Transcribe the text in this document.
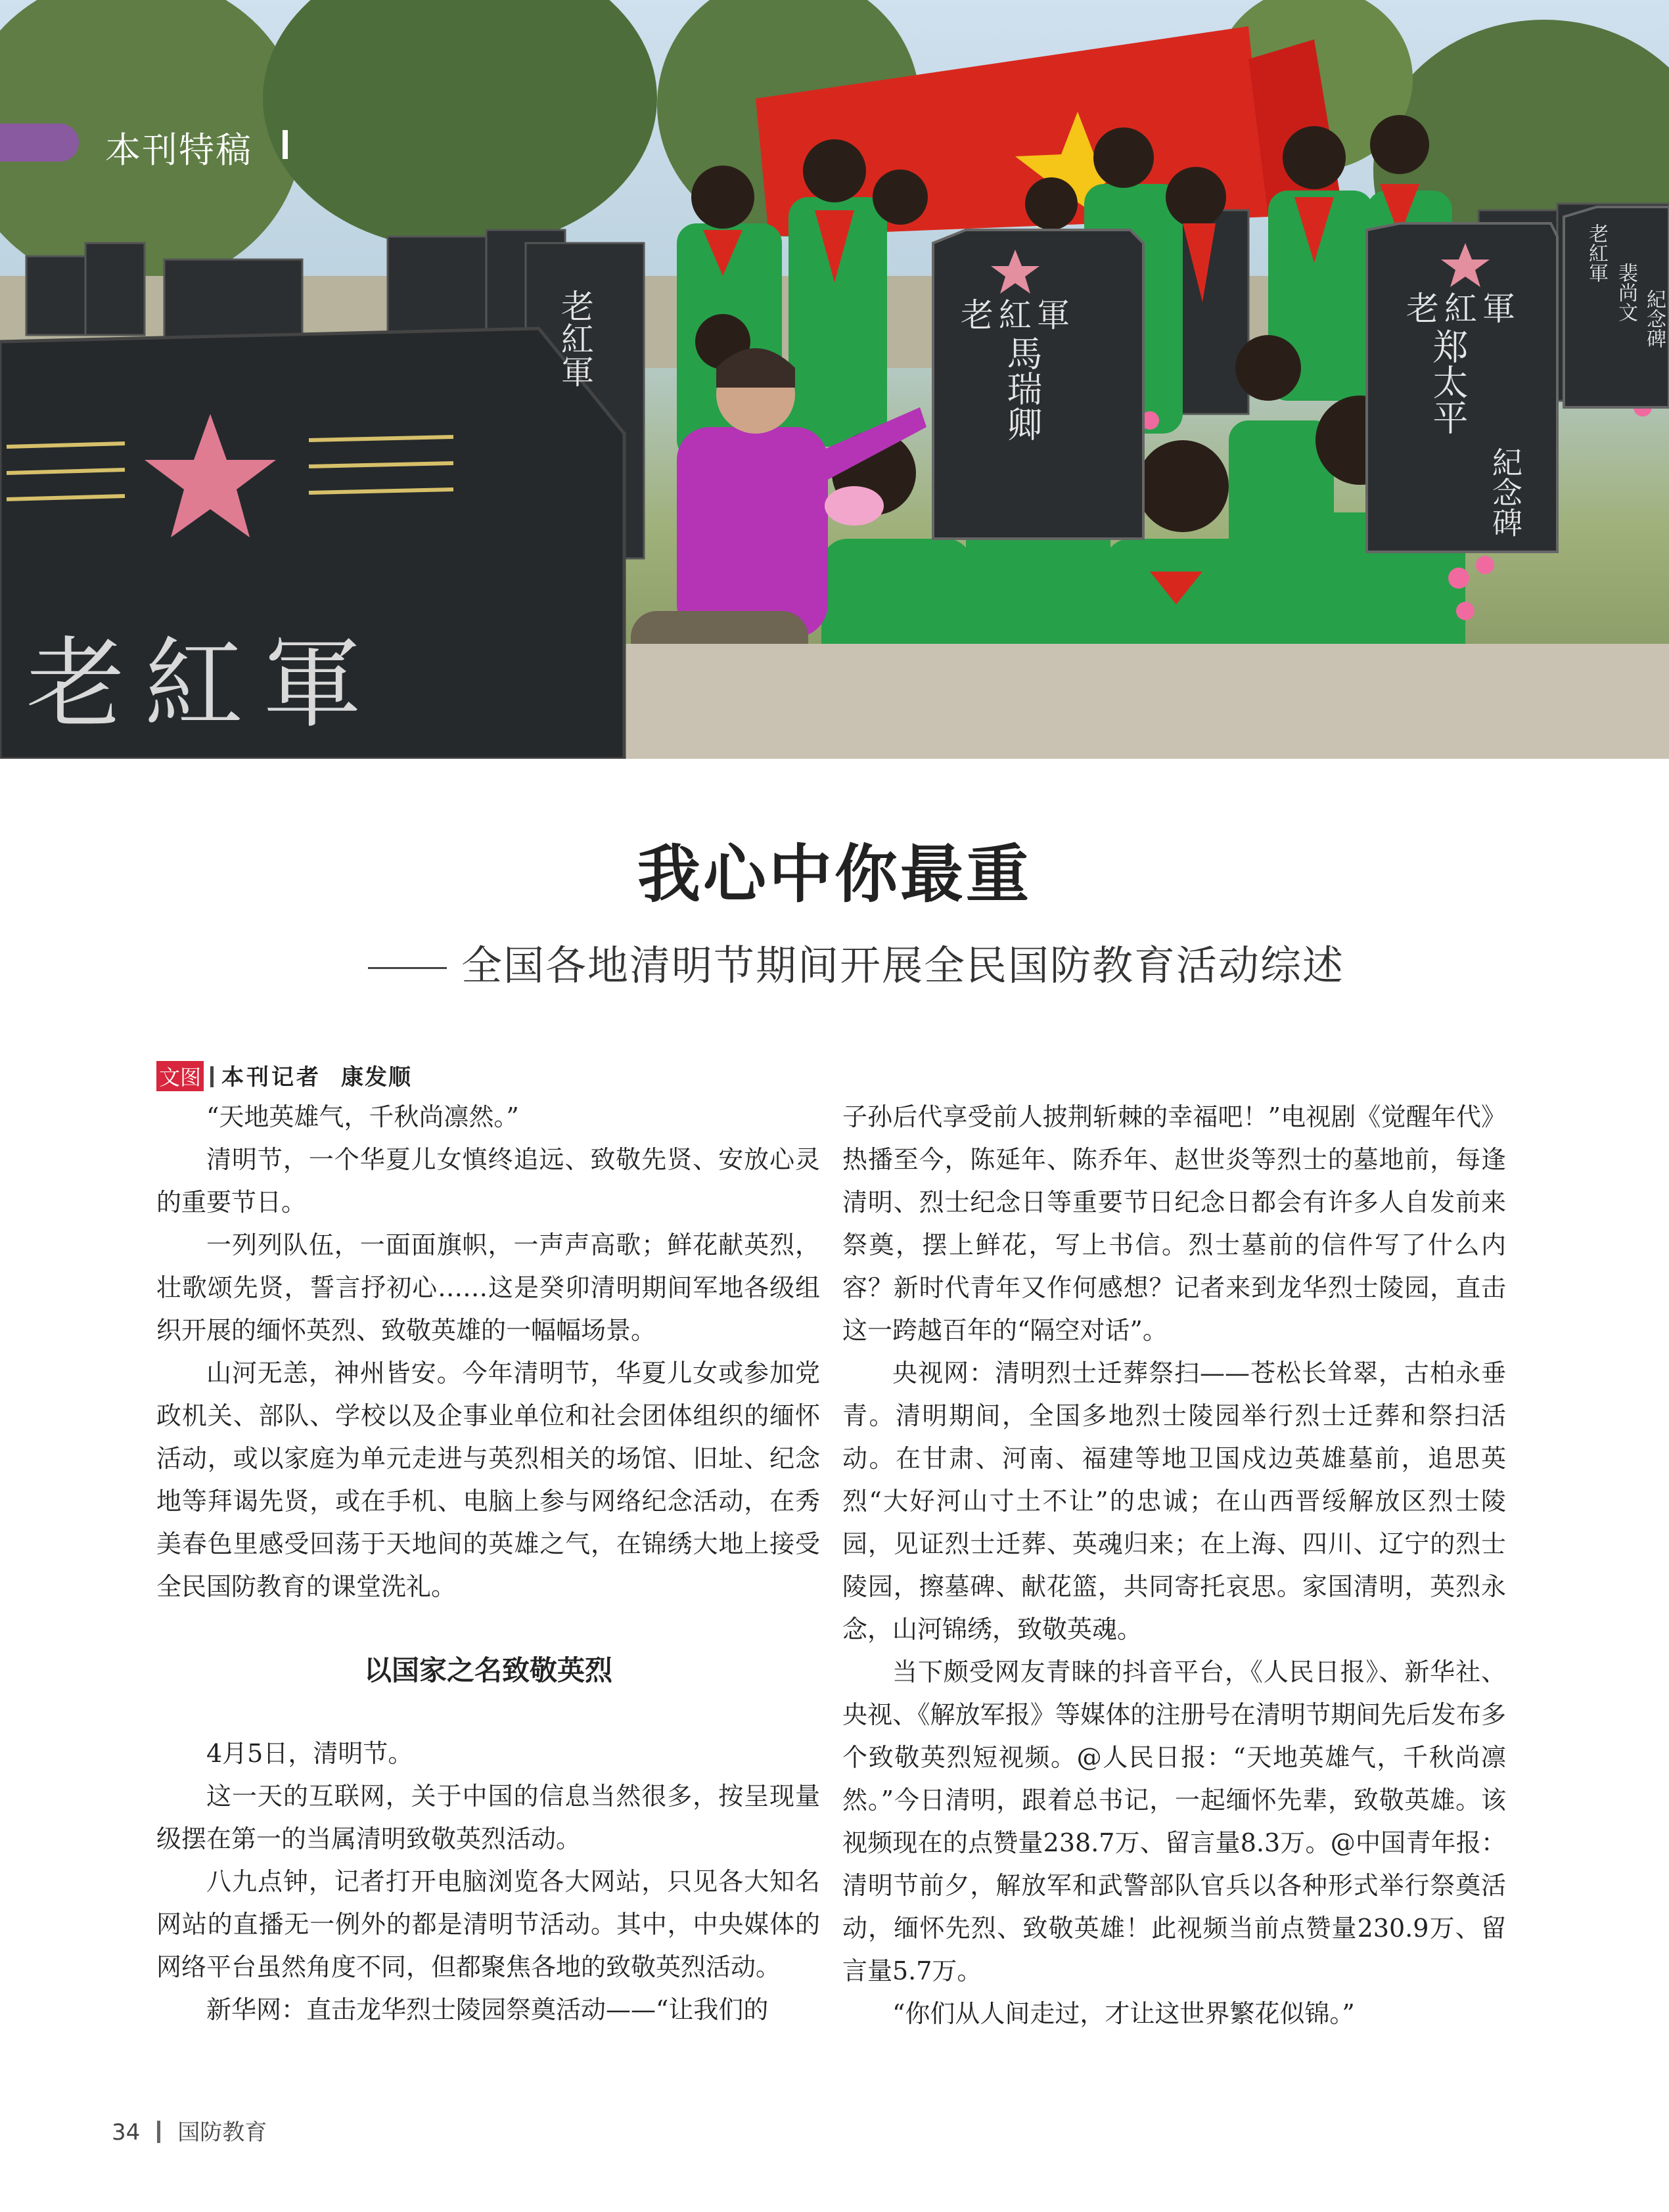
老紅軍
老紅軍	老紅軍
馬瑞卿
老紅軍
郑太平
紀念碑
老紅軍
裴尚文 紀念碑
本刊特稿
我心中你最重
全国各地清明节期间开展全民国防教育活动综述
文图 本刊记者 康发顺

“天地英雄气，千秋尚凛然。”

清明节，一个华夏儿女慎终追远、致敬先贤、安放心灵的重要节日。

一列列队伍，一面面旗帜，一声声高歌；鲜花献英烈，壮歌颂先贤，誓言抒初心……这是癸卯清明期间军地各级组织开展的缅怀英烈、致敬英雄的一幅幅场景。

山河无恙，神州皆安。今年清明节，华夏儿女或参加党政机关、部队、学校以及企事业单位和社会团体组织的缅怀活动，或以家庭为单元走进与英烈相关的场馆、旧址、纪念地等拜谒先贤，或在手机、电脑上参与网络纪念活动，在秀美春色里感受回荡于天地间的英雄之气，在锦绣大地上接受全民国防教育的课堂洗礼。

以国家之名致敬英烈

4月5日，清明节。

这一天的互联网，关于中国的信息当然很多，按呈现量级摆在第一的当属清明致敬英烈活动。

八九点钟，记者打开电脑浏览各大网站，只见各大知名网站的直播无一例外的都是清明节活动。其中，中央媒体的网络平台虽然角度不同，但都聚焦各地的致敬英烈活动。

新华网：直击龙华烈士陵园祭奠活动——“让我们的

子孙后代享受前人披荆斩棘的幸福吧！”电视剧《觉醒年代》热播至今，陈延年、陈乔年、赵世炎等烈士的墓地前，每逢清明、烈士纪念日等重要节日纪念日都会有许多人自发前来祭奠，摆上鲜花，写上书信。烈士墓前的信件写了什么内容？新时代青年又作何感想？记者来到龙华烈士陵园，直击这一跨越百年的“隔空对话”。

央视网：清明烈士迁葬祭扫——苍松长耸翠，古柏永垂青。清明期间，全国多地烈士陵园举行烈士迁葬和祭扫活动。在甘肃、河南、福建等地卫国戍边英雄墓前，追思英烈“大好河山寸土不让”的忠诚；在山西晋绥解放区烈士陵园，见证烈士迁葬、英魂归来；在上海、四川、辽宁的烈士陵园，擦墓碑、献花篮，共同寄托哀思。家国清明，英烈永念，山河锦绣，致敬英魂。

当下颇受网友青睐的抖音平台，《人民日报》、新华社、央视、《解放军报》等媒体的注册号在清明节期间先后发布多个致敬英烈短视频。@人民日报：“天地英雄气，千秋尚凛然。”今日清明，跟着总书记，一起缅怀先辈，致敬英雄。该视频现在的点赞量238.7万、留言量8.3万。@中国青年报：清明节前夕，解放军和武警部队官兵以各种形式举行祭奠活动，缅怀先烈、致敬英雄！此视频当前点赞量230.9万、留言量5.7万。

“你们从人间走过，才让这世界繁花似锦。”

34 国防教育
